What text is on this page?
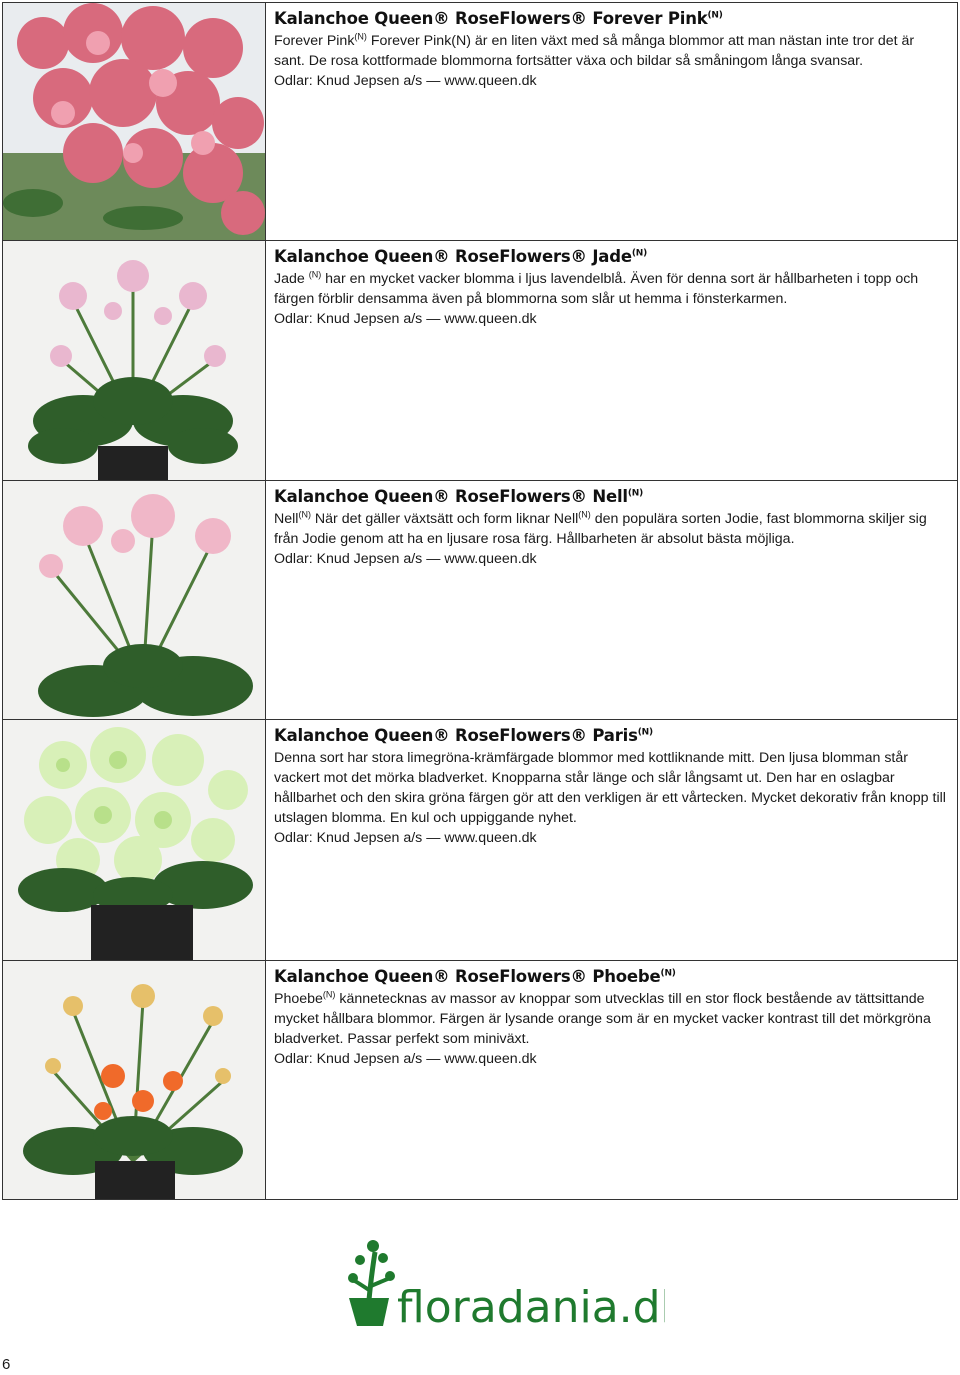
Kalanchoe Queen® RoseFlowers® Forever Pink$^{(N)}$

Forever Pink$^{(N)}$ Forever Pink(N) är en liten växt med så många blommor att man nästan inte tror det är sant. De rosa kottformade blommorna fortsätter växa och bildar så småningom långa svansar.

Odlar: Knud Jepsen a/s — www.queen.dk

Kalanchoe Queen® RoseFlowers® Jade$^{(N)}$

Jade $^{(N)}$ har en mycket vacker blomma i ljus lavendelblå. Även för denna sort är hållbarheten i topp och färgen förblir densamma även på blommorna som slår ut hemma i fönsterkarmen.

Odlar: Knud Jepsen a/s — www.queen.dk

Kalanchoe Queen® RoseFlowers® Nell$^{(N)}$

Nell$^{(N)}$ När det gäller växtsätt och form liknar Nell$^{(N)}$ den populära sorten Jodie, fast blommorna skiljer sig från Jodie genom att ha en ljusare rosa färg. Hållbarheten är absolut bästa möjliga.

Odlar: Knud Jepsen a/s — www.queen.dk

Kalanchoe Queen® RoseFlowers® Paris$^{(N)}$

Denna sort har stora limegröna-krämfärgade blommor med kottliknande mitt. Den ljusa blomman står vackert mot det mörka bladverket. Knopparna står länge och slår långsamt ut. Den har en oslagbar hållbarhet och den skira gröna färgen gör att den verkligen är ett vårtecken. Mycket dekorativ från knopp till utslagen blomma. En kul och uppiggande nyhet.

Odlar: Knud Jepsen a/s — www.queen.dk

Kalanchoe Queen® RoseFlowers® Phoebe$^{(N)}$

Phoebe$^{(N)}$ kännetecknas av massor av knoppar som utvecklas till en stor flock bestående av tättsittande mycket hållbara blommor. Färgen är lysande orange som är en mycket vacker kontrast till det mörkgröna bladverket. Passar perfekt som miniväxt.

Odlar: Knud Jepsen a/s — www.queen.dk

floradania.dk
6
